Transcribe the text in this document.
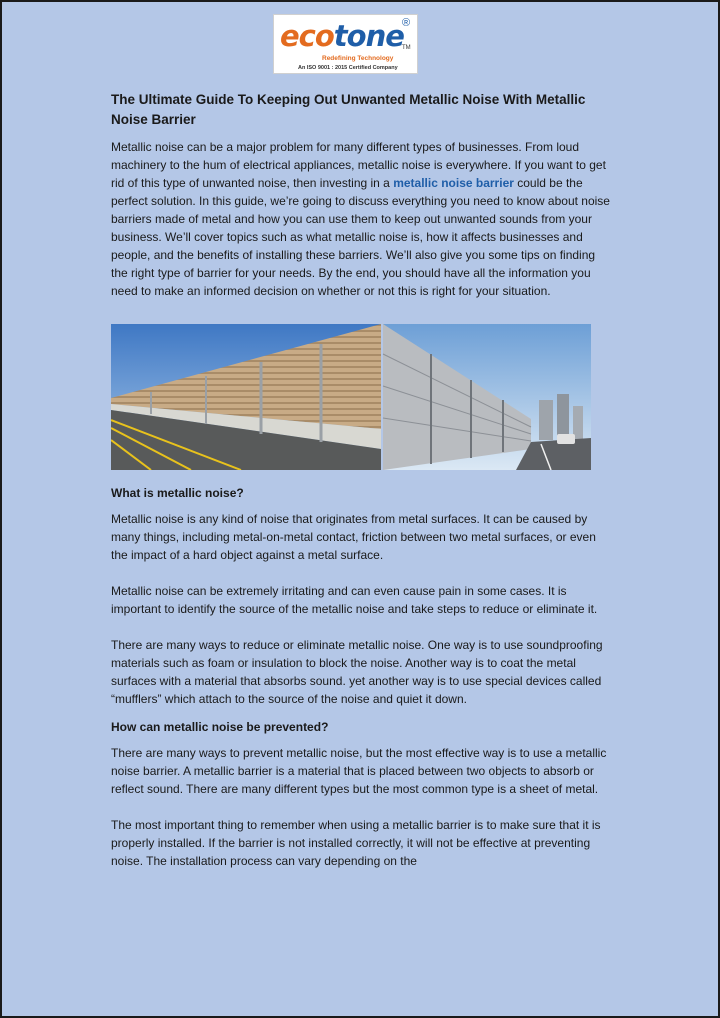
ecotone
®
TM
Redefining Technology
An ISO 9001 : 2015 Certified Company
The Ultimate Guide To Keeping Out Unwanted Metallic Noise With Metallic Noise Barrier

Metallic noise can be a major problem for many different types of businesses. From loud machinery to the hum of electrical appliances, metallic noise is everywhere. If you want to get rid of this type of unwanted noise, then investing in a metallic noise barrier could be the perfect solution. In this guide, we’re going to discuss everything you need to know about noise barriers made of metal and how you can use them to keep out unwanted sounds from your business. We’ll cover topics such as what metallic noise is, how it affects businesses and people, and the benefits of installing these barriers. We’ll also give you some tips on finding the right type of barrier for your needs. By the end, you should have all the information you need to make an informed decision on whether or not this is right for your situation.

What is metallic noise?

Metallic noise is any kind of noise that originates from metal surfaces. It can be caused by many things, including metal-on-metal contact, friction between two metal surfaces, or even the impact of a hard object against a metal surface.

Metallic noise can be extremely irritating and can even cause pain in some cases. It is important to identify the source of the metallic noise and take steps to reduce or eliminate it.

There are many ways to reduce or eliminate metallic noise. One way is to use soundproofing materials such as foam or insulation to block the noise. Another way is to coat the metal surfaces with a material that absorbs sound. yet another way is to use special devices called “mufflers” which attach to the source of the noise and quiet it down.

How can metallic noise be prevented?

There are many ways to prevent metallic noise, but the most effective way is to use a metallic noise barrier. A metallic barrier is a material that is placed between two objects to absorb or reflect sound. There are many different types but the most common type is a sheet of metal.

The most important thing to remember when using a metallic barrier is to make sure that it is properly installed. If the barrier is not installed correctly, it will not be effective at preventing noise. The installation process can vary depending on the
